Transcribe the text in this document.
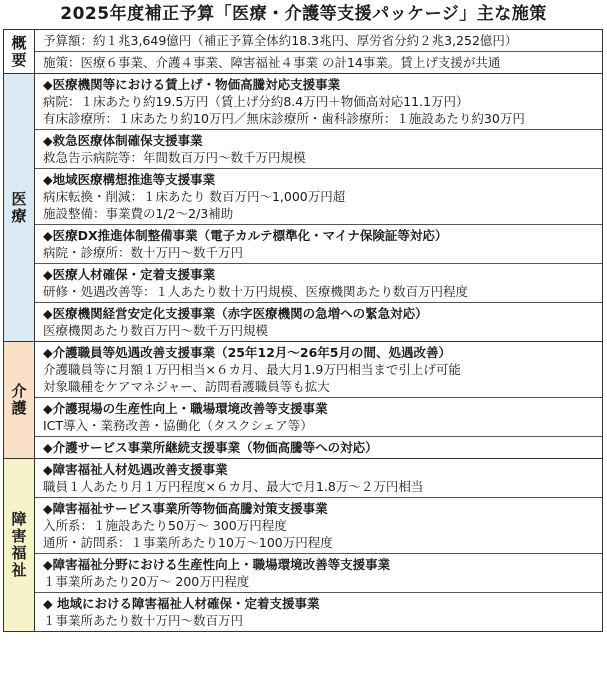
2025年度補正予算「医療・介護等支援パッケージ」主な施策
概要 予算額：約１兆3,649億円（補正予算全体約18.3兆円、厚労省分約２兆3,252億円）
施策：医療６事業、介護４事業、障害福祉４事業 の計14事業。賃上げ支援が共通
医療
◆医療機関等における賃上げ・物価高騰対応支援事業
病院：１床あたり約19.5万円（賃上げ分約8.4万円＋物価高対応11.1万円）
有床診療所：１床あたり約10万円／無床診療所・歯科診療所：１施設あたり約30万円
◆救急医療体制確保支援事業
救急告示病院等：年間数百万円～数千万円規模
◆地域医療構想推進等支援事業
病床転換・削減：１床あたり 数百万円～1,000万円超
施設整備：事業費の1/2～2/3補助
◆医療DX推進体制整備事業（電子カルテ標準化・マイナ保険証等対応）
病院・診療所：数十万円～数千万円
◆医療人材確保・定着支援事業
研修・処遇改善等：１人あたり数十万円規模、医療機関あたり数百万円程度
◆医療機関経営安定化支援事業（赤字医療機関の急増への緊急対応）
医療機関あたり数百万円～数千万円規模
介護
◆介護職員等処遇改善支援事業（25年12月～26年5月の間、処遇改善）
介護職員等に月額１万円相当×６カ月、最大月1.9万円相当まで引上げ可能
対象職種をケアマネジャー、訪問看護職員等も拡大
◆介護現場の生産性向上・職場環境改善等支援事業
ICT導入・業務改善・協働化（タスクシェア等）
◆介護サービス事業所継続支援事業（物価高騰等への対応）
障害福祉
◆障害福祉人材処遇改善支援事業
職員１人あたり月１万円程度×６カ月、最大で月1.8万～２万円相当
◆障害福祉サービス事業所等物価高騰対策支援事業
入所系：１施設あたり50万～ 300万円程度
通所・訪問系：１事業所あたり10万～100万円程度
◆障害福祉分野における生産性向上・職場環境改善等支援事業
１事業所あたり20万～ 200万円程度
◆ 地域における障害福祉人材確保・定着支援事業
１事業所あたり数十万円～数百万円
